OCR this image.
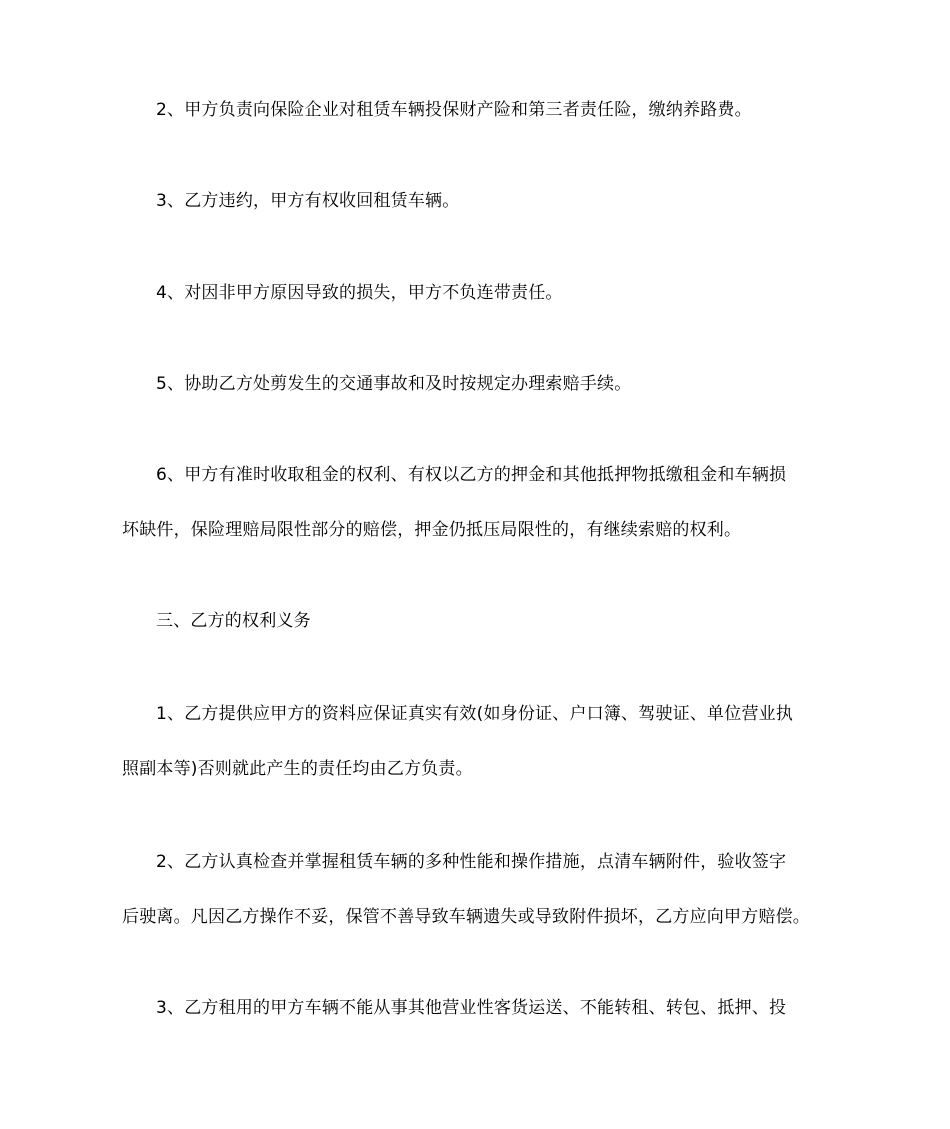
2、甲方负责向保险企业对租赁车辆投保财产险和第三者责任险，缴纳养路费。
3、乙方违约，甲方有权收回租赁车辆。
4、对因非甲方原因导致的损失，甲方不负连带责任。
5、协助乙方处剪发生的交通事故和及时按规定办理索赔手续。
6、甲方有准时收取租金的权利、有权以乙方的押金和其他抵押物抵缴租金和车辆损
坏缺件，保险理赔局限性部分的赔偿，押金仍抵压局限性的，有继续索赔的权利。
三、乙方的权利义务
1、乙方提供应甲方的资料应保证真实有效(如身份证、户口簿、驾驶证、单位营业执
照副本等)否则就此产生的责任均由乙方负责。
2、乙方认真检查并掌握租赁车辆的多种性能和操作措施，点清车辆附件，验收签字
后驶离。凡因乙方操作不妥，保管不善导致车辆遗失或导致附件损坏，乙方应向甲方赔偿。
3、乙方租用的甲方车辆不能从事其他营业性客货运送、不能转租、转包、抵押、投
